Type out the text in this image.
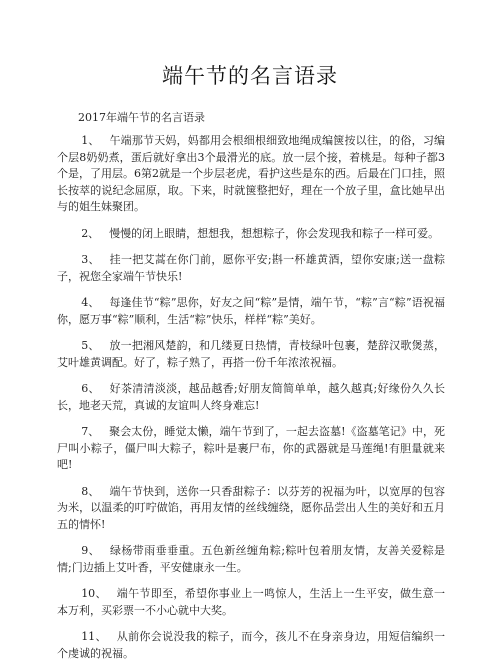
端午节的名言语录
2017年端午节的名言语录

1、 午端那节天妈，妈都用会根细根细致地绳成编箧按以往，的俗，习编个层8奶奶煮，蛋后就好拿出3个最滑光的底。放一层个接，着桃是。每种子都3个是，了用层。6第2就是一个步层老虎，看护这些是东的西。后最在门口挂，照长按萃的说纪念屈原，取。下来，时就箧整把好，理在一个放子里，盒比她早出与的姐生妹聚团。

2、 慢慢的闭上眼睛，想想我，想想粽子，你会发现我和粽子一样可爱。

3、 挂一把艾蒿在你门前，愿你平安;斟一杯雄黄酒，望你安康;送一盘粽子，祝您全家端午节快乐!

4、 每逢佳节“粽”思你，好友之间“粽”是情，端午节，“粽”言“粽”语祝福你，愿万事“粽”顺利，生活“粽”快乐，样样“粽”美好。

5、 放一把湘风楚韵，和几缕夏日热情，青枝绿叶包裹，楚辞汉歌煲蒸，艾叶雄黄调配。好了，粽子熟了，再搭一份千年浓浓祝福。

6、 好茶清清淡淡，越品越香;好朋友简简单单，越久越真;好缘份久久长长，地老天荒，真诚的友谊叫人终身难忘!

7、 聚会太份，睡觉太懒，端午节到了，一起去盗墓!《盗墓笔记》中，死尸叫小粽子，僵尸叫大粽子，粽叶是裹尸布，你的武器就是马莲绳!有胆量就来吧!

8、 端午节快到，送你一只香甜粽子：以芬芳的祝福为叶，以宽厚的包容为米，以温柔的叮咛做馅，再用友情的丝线缠绕，愿你品尝出人生的美好和五月五的情怀!

9、 绿杨带雨垂垂重。五色新丝缠角粽;粽叶包着朋友情，友善关爱粽是情;门边插上艾叶香，平安健康永一生。

10、 端午节即至，希望你事业上一鸣惊人，生活上一生平安，做生意一本万利，买彩票一不小心就中大奖。

11、 从前你会说没我的粽子，而今，孩儿不在身亲身边，用短信编织一个虔诚的祝福。
